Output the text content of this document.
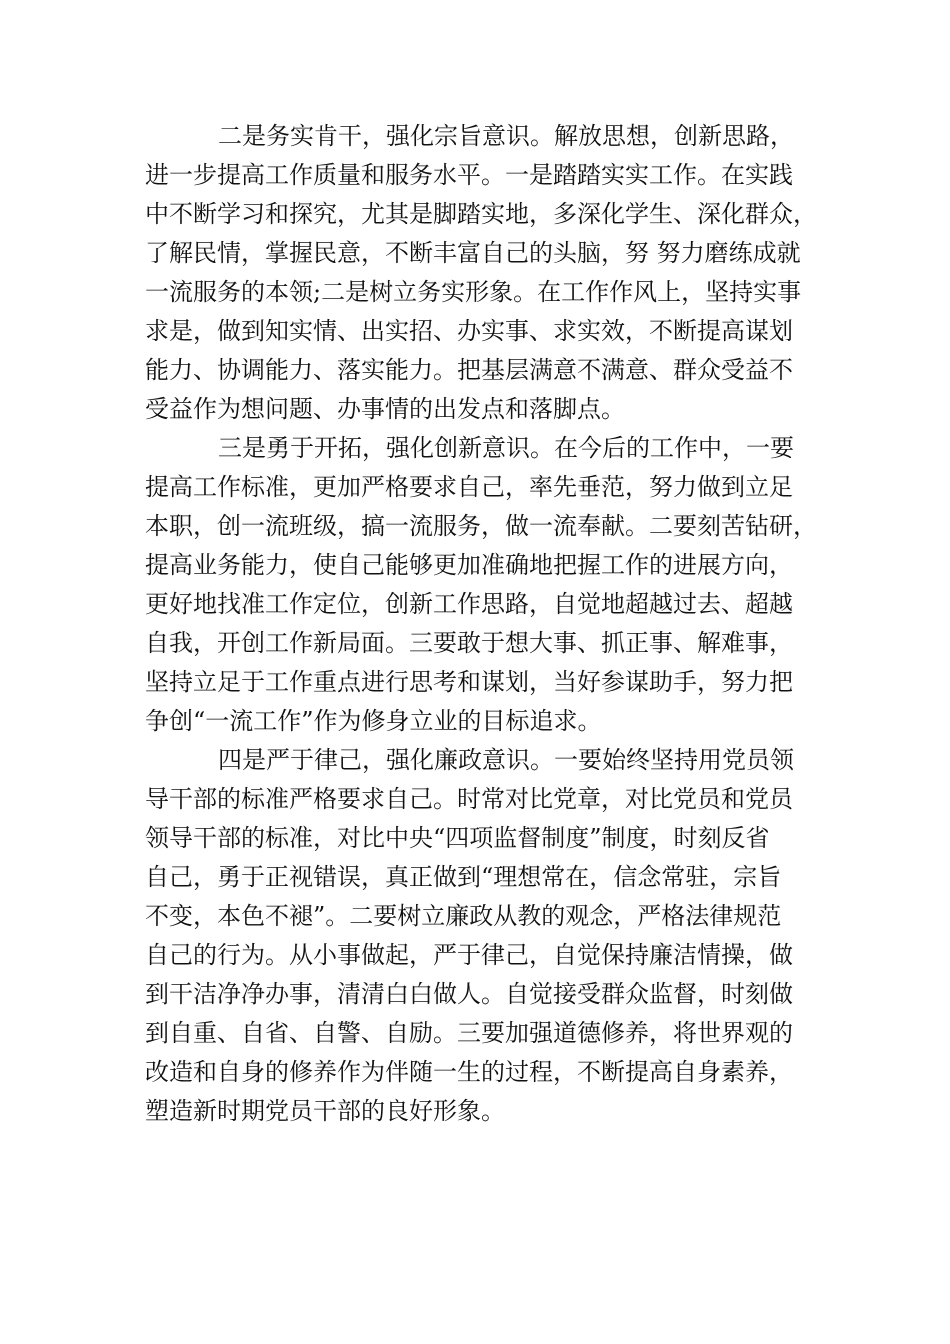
二是务实肯干，强化宗旨意识。解放思想，创新思路，
进一步提高工作质量和服务水平。一是踏踏实实工作。在实践
中不断学习和探究，尤其是脚踏实地，多深化学生、深化群众，
了解民情，掌握民意，不断丰富自己的头脑，努 努力磨练成就
一流服务的本领;二是树立务实形象。在工作作风上，坚持实事
求是，做到知实情、出实招、办实事、求实效，不断提高谋划
能力、协调能力、落实能力。把基层满意不满意、群众受益不
受益作为想问题、办事情的出发点和落脚点。
三是勇于开拓，强化创新意识。在今后的工作中，一要
提高工作标准，更加严格要求自己，率先垂范，努力做到立足
本职，创一流班级，搞一流服务，做一流奉献。二要刻苦钻研，
提高业务能力，使自己能够更加准确地把握工作的进展方向，
更好地找准工作定位，创新工作思路，自觉地超越过去、超越
自我，开创工作新局面。三要敢于想大事、抓正事、解难事，
坚持立足于工作重点进行思考和谋划，当好参谋助手，努力把
争创“一流工作”作为修身立业的目标追求。
四是严于律己，强化廉政意识。一要始终坚持用党员领
导干部的标准严格要求自己。时常对比党章，对比党员和党员
领导干部的标准，对比中央“四项监督制度”制度，时刻反省
自己，勇于正视错误，真正做到“理想常在，信念常驻，宗旨
不变，本色不褪”。二要树立廉政从教的观念，严格法律规范
自己的行为。从小事做起，严于律己，自觉保持廉洁情操，做
到干洁净净办事，清清白白做人。自觉接受群众监督，时刻做
到自重、自省、自警、自励。三要加强道德修养，将世界观的
改造和自身的修养作为伴随一生的过程，不断提高自身素养，
塑造新时期党员干部的良好形象。
